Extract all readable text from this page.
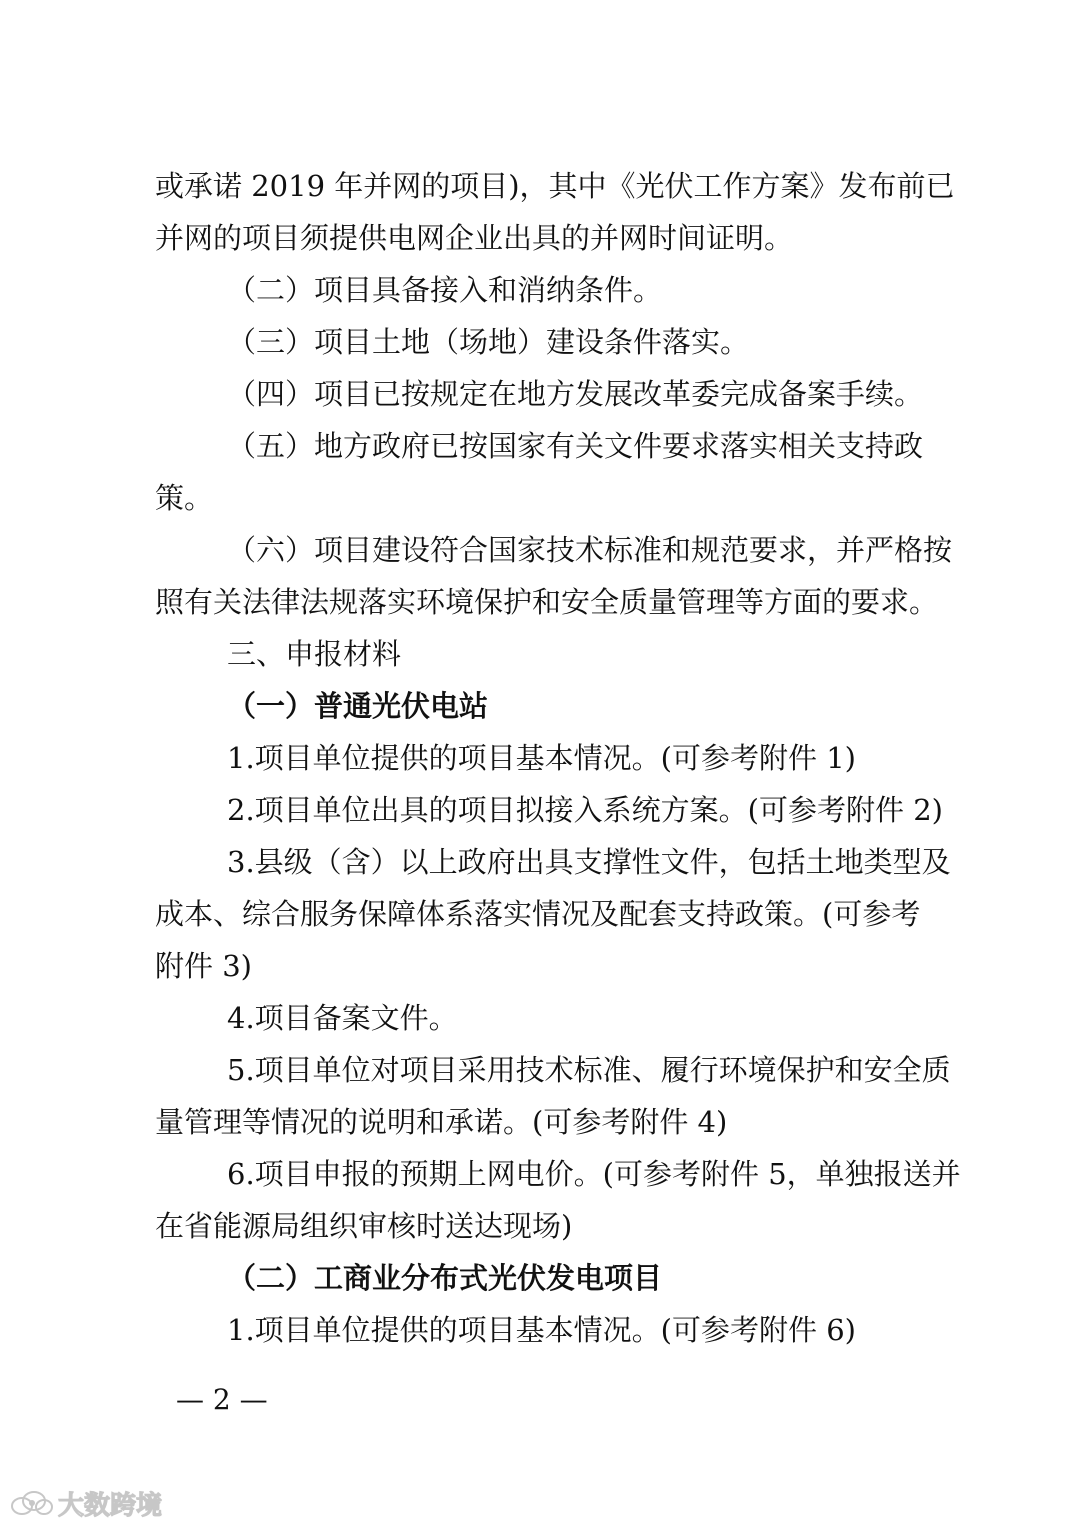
或承诺 2019 年并网的项目)，其中《光伏工作方案》发布前已
并网的项目须提供电网企业出具的并网时间证明。
（二）项目具备接入和消纳条件。
（三）项目土地（场地）建设条件落实。
（四）项目已按规定在地方发展改革委完成备案手续。
（五）地方政府已按国家有关文件要求落实相关支持政
策。
（六）项目建设符合国家技术标准和规范要求，并严格按
照有关法律法规落实环境保护和安全质量管理等方面的要求。
三、申报材料
（一）普通光伏电站
1.项目单位提供的项目基本情况。(可参考附件 1)
2.项目单位出具的项目拟接入系统方案。(可参考附件 2)
3.县级（含）以上政府出具支撑性文件，包括土地类型及
成本、综合服务保障体系落实情况及配套支持政策。(可参考
附件 3)
4.项目备案文件。
5.项目单位对项目采用技术标准、履行环境保护和安全质
量管理等情况的说明和承诺。(可参考附件 4)
6.项目申报的预期上网电价。(可参考附件 5，单独报送并
在省能源局组织审核时送达现场)
（二）工商业分布式光伏发电项目
1.项目单位提供的项目基本情况。(可参考附件 6)
— 2 —
大数跨境
